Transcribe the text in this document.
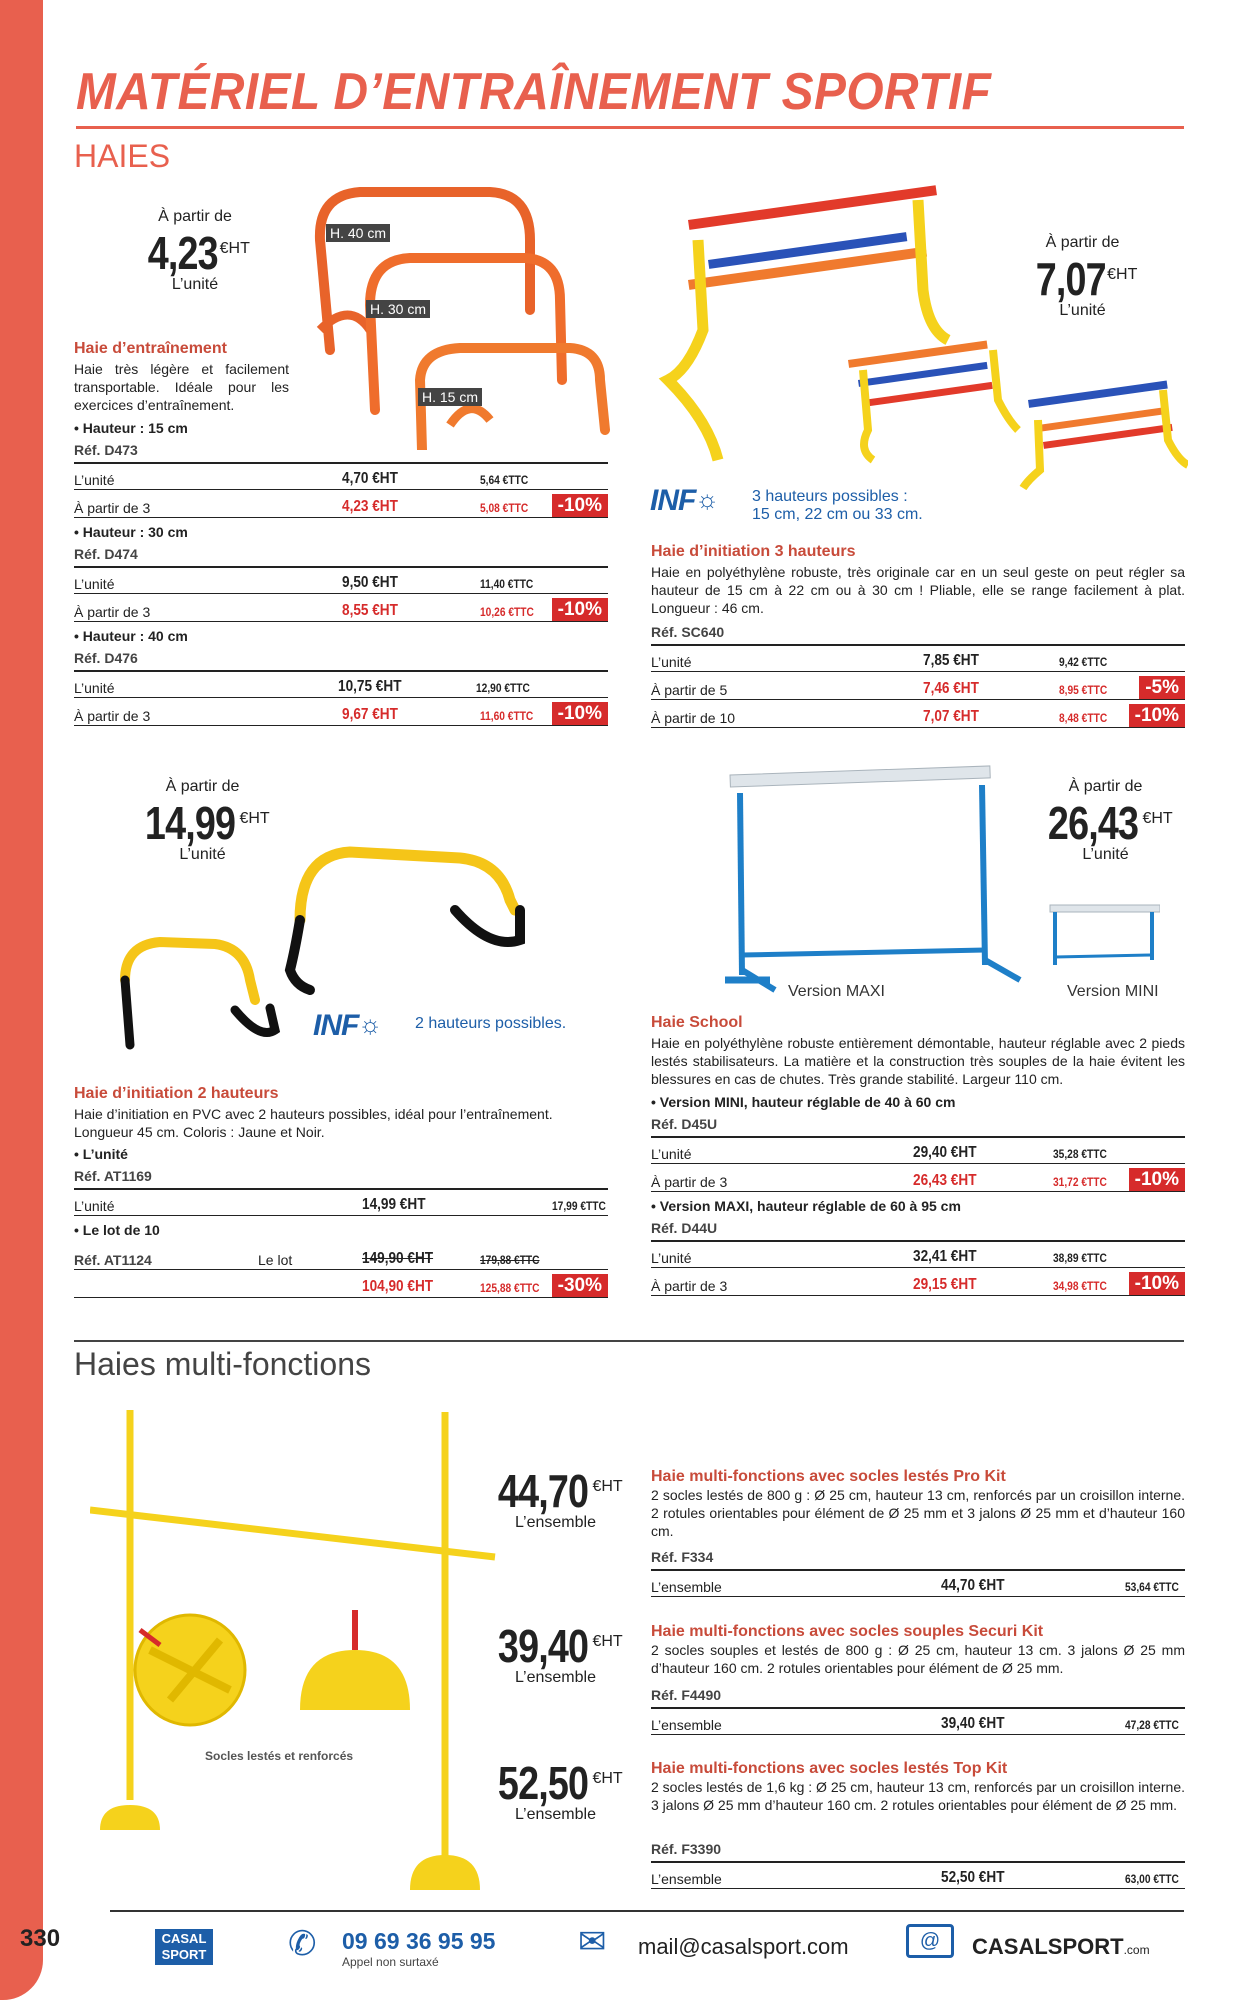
330
MATÉRIEL D’ENTRAÎNEMENT SPORTIF
HAIES
À partir de
4,23 €HT
L’unité
H. 40 cm
H. 30 cm
H. 15 cm
Haie d’entraînement
Haie très légère et facilement transportable. Idéale pour les exercices d’entraînement.
• Hauteur : 15 cm
Réf. D473
L’unité	4,70 €HT	5,64 €TTC
À partir de 3	4,23 €HT	5,08 €TTC	-10%
• Hauteur : 30 cm
Réf. D474
L’unité	9,50 €HT	11,40 €TTC
À partir de 3	8,55 €HT	10,26 €TTC	-10%
• Hauteur : 40 cm
Réf. D476
L’unité	10,75 €HT	12,90 €TTC
À partir de 3	9,67 €HT	11,60 €TTC	-10%
À partir de
7,07 €HT
L’unité
INF☼ 3 hauteurs possibles :
15 cm, 22 cm ou 33 cm.
Haie d’initiation 3 hauteurs
Haie en polyéthylène robuste, très originale car en un seul geste on peut régler sa hauteur de 15 cm à 22 cm ou à 30 cm ! Pliable, elle se range facilement à plat. Longueur : 46 cm.
Réf. SC640
L’unité	7,85 €HT	9,42 €TTC
À partir de 5	7,46 €HT	8,95 €TTC	-5%
À partir de 10	7,07 €HT	8,48 €TTC	-10%
À partir de
14,99 €HT
L’unité
INF☼ 2 hauteurs possibles.
Haie d’initiation 2 hauteurs
Haie d’initiation en PVC avec 2 hauteurs possibles, idéal pour l’entraînement. Longueur 45 cm. Coloris : Jaune et Noir.
• L’unité
Réf. AT1169
L’unité	14,99 €HT	17,99 €TTC
• Le lot de 10
Réf. AT1124	Le lot	149,90 €HT	179,88 €TTC
104,90 €HT	125,88 €TTC -30%
Version MAXI	Version MINI
À partir de
26,43 €HT
L’unité
Haie School
Haie en polyéthylène robuste entièrement démontable, hauteur réglable avec 2 pieds lestés stabilisateurs. La matière et la construction très souples de la haie évitent les blessures en cas de chutes. Très grande stabilité. Largeur 110 cm.
• Version MINI, hauteur réglable de 40 à 60 cm
Réf. D45U
L’unité	29,40 €HT	35,28 €TTC
À partir de 3	26,43 €HT	31,72 €TTC	-10%
• Version MAXI, hauteur réglable de 60 à 95 cm
Réf. D44U
L’unité	32,41 €HT	38,89 €TTC
À partir de 3	29,15 €HT	34,98 €TTC	-10%
Haies multi-fonctions
Socles lestés et renforcés
44,70 €HT
L’ensemble
39,40 €HT
L’ensemble
52,50 €HT
L’ensemble
Haie multi-fonctions avec socles lestés Pro Kit
2 socles lestés de 800 g : Ø 25 cm, hauteur 13 cm, renforcés par un croisillon interne. 2 rotules orientables pour élément de Ø 25 mm et 3 jalons Ø 25 mm et d’hauteur 160 cm.
Réf. F334
L’ensemble	44,70 €HT	53,64 €TTC
Haie multi-fonctions avec socles souples Securi Kit
2 socles souples et lestés de 800 g : Ø 25 cm, hauteur 13 cm. 3 jalons Ø 25 mm d’hauteur 160 cm. 2 rotules orientables pour élément de Ø 25 mm.
Réf. F4490
L’ensemble	39,40 €HT	47,28 €TTC
Haie multi-fonctions avec socles lestés Top Kit
2 socles lestés de 1,6 kg : Ø 25 cm, hauteur 13 cm, renforcés par un croisillon interne. 3 jalons Ø 25 mm d’hauteur 160 cm. 2 rotules orientables pour élément de Ø 25 mm.
Réf. F3390
L’ensemble	52,50 €HT	63,00 €TTC
CASAL
SPORT ✆ 09 69 36 95 95
Appel non surtaxé
✉ mail@casalsport.com	@	CASALSPORT.com
